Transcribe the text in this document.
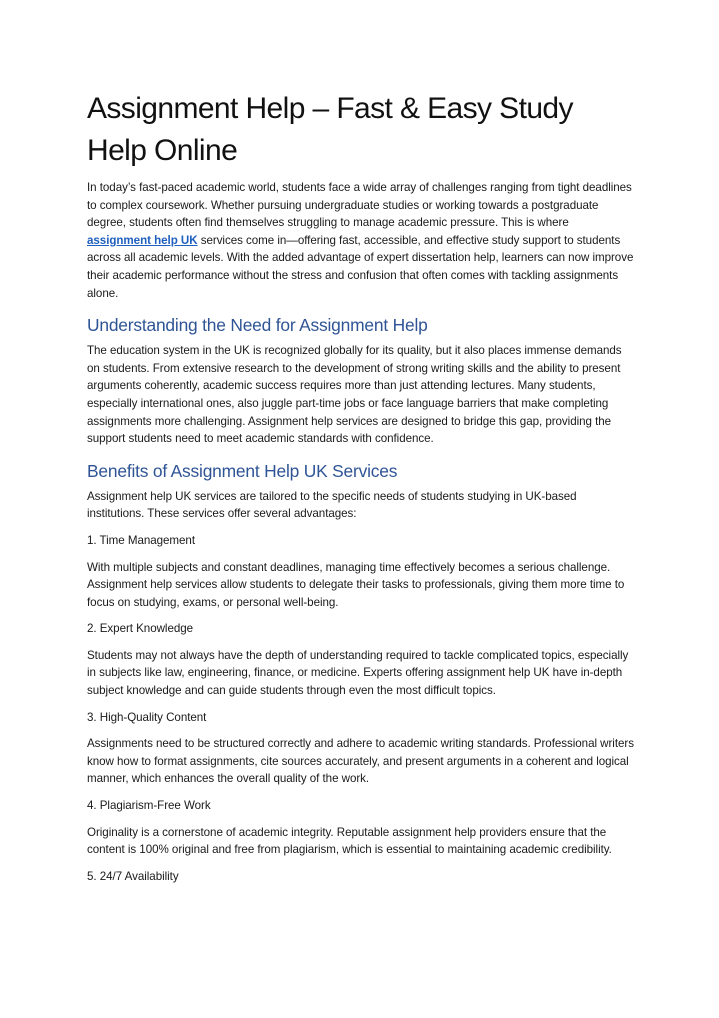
Assignment Help – Fast & Easy Study Help Online

In today’s fast-paced academic world, students face a wide array of challenges ranging from tight deadlines to complex coursework. Whether pursuing undergraduate studies or working towards a postgraduate degree, students often find themselves struggling to manage academic pressure. This is where assignment help UK services come in—offering fast, accessible, and effective study support to students across all academic levels. With the added advantage of expert dissertation help, learners can now improve their academic performance without the stress and confusion that often comes with tackling assignments alone.

Understanding the Need for Assignment Help

The education system in the UK is recognized globally for its quality, but it also places immense demands on students. From extensive research to the development of strong writing skills and the ability to present arguments coherently, academic success requires more than just attending lectures. Many students, especially international ones, also juggle part-time jobs or face language barriers that make completing assignments more challenging. Assignment help services are designed to bridge this gap, providing the support students need to meet academic standards with confidence.

Benefits of Assignment Help UK Services

Assignment help UK services are tailored to the specific needs of students studying in UK-based institutions. These services offer several advantages:

1. Time Management

With multiple subjects and constant deadlines, managing time effectively becomes a serious challenge. Assignment help services allow students to delegate their tasks to professionals, giving them more time to focus on studying, exams, or personal well-being.

2. Expert Knowledge

Students may not always have the depth of understanding required to tackle complicated topics, especially in subjects like law, engineering, finance, or medicine. Experts offering assignment help UK have in-depth subject knowledge and can guide students through even the most difficult topics.

3. High-Quality Content

Assignments need to be structured correctly and adhere to academic writing standards. Professional writers know how to format assignments, cite sources accurately, and present arguments in a coherent and logical manner, which enhances the overall quality of the work.

4. Plagiarism-Free Work

Originality is a cornerstone of academic integrity. Reputable assignment help providers ensure that the content is 100% original and free from plagiarism, which is essential to maintaining academic credibility.

5. 24/7 Availability
